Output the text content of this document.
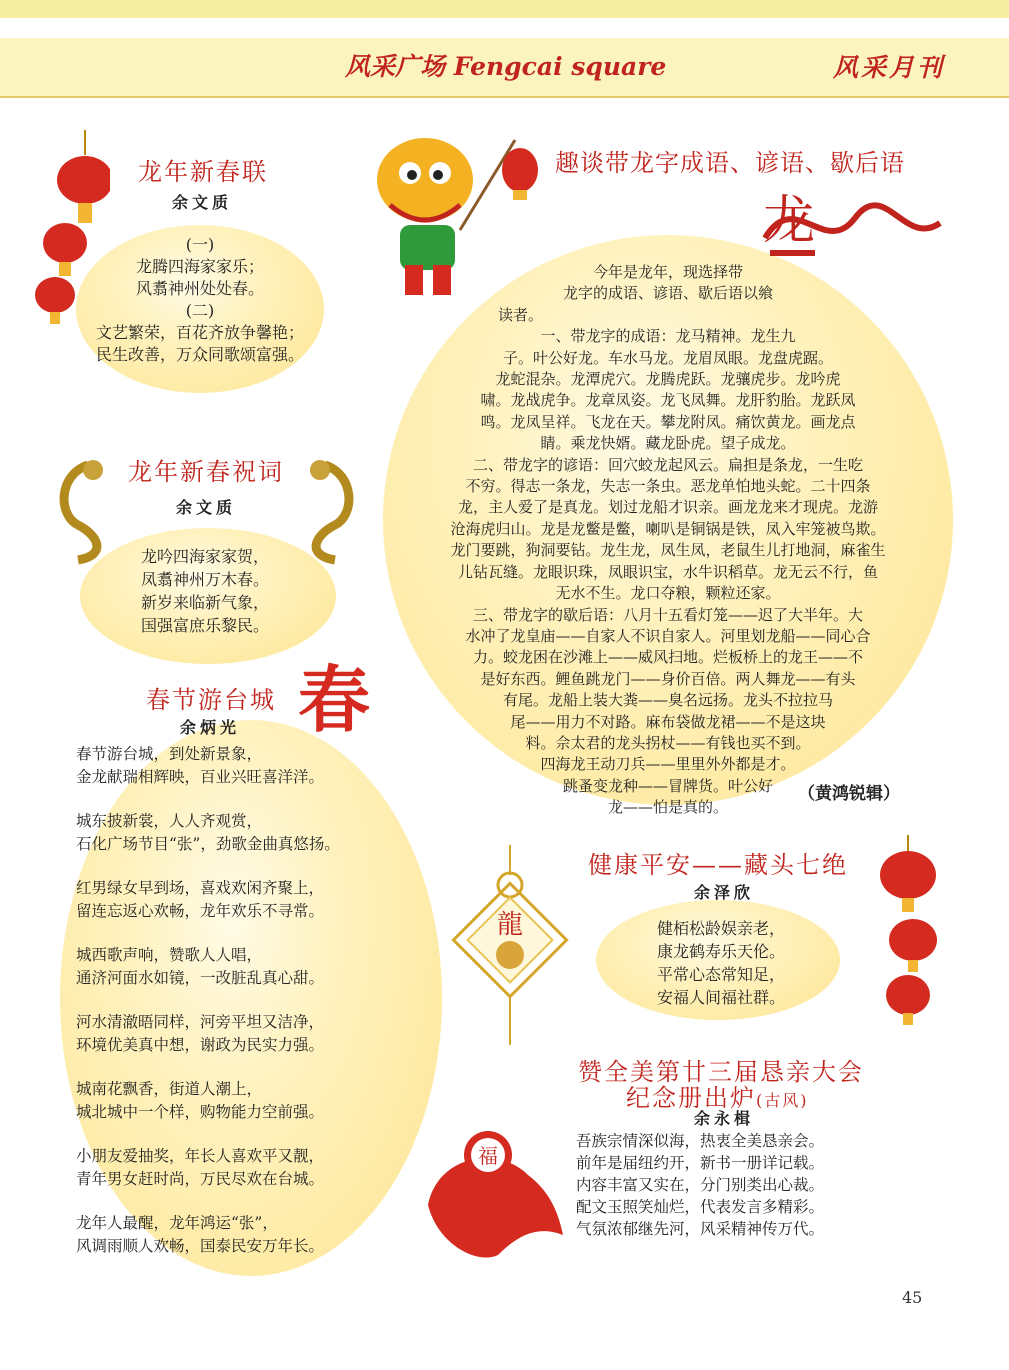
风采广场 Fengcai square	风采月刊
龙年新春联
余文质
(一)
龙腾四海家家乐；
风翥神州处处春。
(二)
文艺繁荣，百花齐放争馨艳；
民生改善，万众同歌颂富强。
龙年新春祝词
余文质
龙吟四海家家贺，
凤翥神州万木春。
新岁来临新气象，
国强富庶乐黎民。
春
春节游台城
余炳光
春节游台城，到处新景象，
金龙献瑞相辉映，百业兴旺喜洋洋。
城东披新裳，人人齐观赏，
石化广场节目“张”，劲歌金曲真悠扬。
红男绿女早到场，喜戏欢闲齐聚上，
留连忘返心欢畅，龙年欢乐不寻常。
城西歌声响，赞歌人人唱，
通济河面水如镜，一改脏乱真心甜。
河水清澈晤同样，河旁平坦又洁净，
环境优美真中想，谢政为民实力强。
城南花飘香，街道人潮上，
城北城中一个样，购物能力空前强。
小朋友爱抽奖，年长人喜欢平又靓，
青年男女赶时尚，万民尽欢在台城。
龙年人最醒，龙年鸿运“张”，
风调雨顺人欢畅，国泰民安万年长。
趣谈带龙字成语、谚语、歇后语
龙
今年是龙年，现选择带
龙字的成语、谚语、歇后语以飨
读者。
一、带龙字的成语：龙马精神。龙生九
子。叶公好龙。车水马龙。龙眉凤眼。龙盘虎踞。
龙蛇混杂。龙潭虎穴。龙腾虎跃。龙骧虎步。龙吟虎
啸。龙战虎争。龙章凤姿。龙飞凤舞。龙肝豹胎。龙跃凤
鸣。龙凤呈祥。飞龙在天。攀龙附凤。痛饮黄龙。画龙点
睛。乘龙快婿。藏龙卧虎。望子成龙。
二、带龙字的谚语：回穴蛟龙起风云。扁担是条龙，一生吃
不穷。得志一条龙，失志一条虫。恶龙单怕地头蛇。二十四条
龙，主人爱了是真龙。划过龙船才识亲。画龙龙来才现虎。龙游
沧海虎归山。龙是龙鳖是鳖，喇叭是铜锅是铁，凤入牢笼被鸟欺。
龙门要跳，狗洞要钻。龙生龙，凤生凤，老鼠生儿打地洞，麻雀生
儿钻瓦缝。龙眼识珠，凤眼识宝，水牛识稻草。龙无云不行，鱼
无水不生。龙口夺粮，颗粒还家。
三、带龙字的歇后语：八月十五看灯笼——迟了大半年。大
水冲了龙皇庙——自家人不识自家人。河里划龙船——同心合
力。蛟龙困在沙滩上——威风扫地。烂板桥上的龙王——不
是好东西。鲤鱼跳龙门——身价百倍。两人舞龙——有头
有尾。龙船上装大粪——臭名远扬。龙头不拉拉马
尾——用力不对路。麻布袋做龙裙——不是这块
料。佘太君的龙头拐杖——有钱也买不到。
四海龙王动刀兵——里里外外都是才。
跳蚤变龙种——冒牌货。叶公好
龙——怕是真的。
（黄鸿锐辑）
龍
健康平安——藏头七绝
余泽欣
健栢松龄娱亲老，
康龙鹤寿乐天伦。
平常心态常知足，
安福人间福社群。
赞全美第廿三届恳亲大会
纪念册出炉(古风)
余永楫
吾族宗情深似海，热衷全美恳亲会。
前年是届纽约开，新书一册详记载。
内容丰富又实在，分门别类出心裁。
配文玉照笑灿烂，代表发言多精彩。
气氛浓郁继先河，风采精神传万代。
福
45
